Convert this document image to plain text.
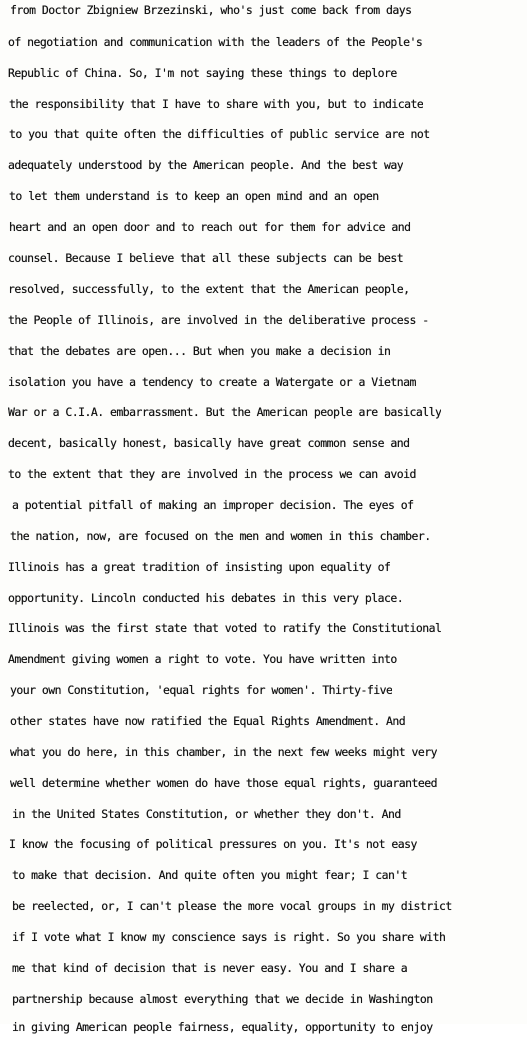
from Doctor Zbigniew Brzezinski, who's just come back from days
of negotiation and communication with the leaders of the People's
Republic of China. So, I'm not saying these things to deplore
the responsibility that I have to share with you, but to indicate
to you that quite often the difficulties of public service are not
adequately understood by the American people. And the best way
to let them understand is to keep an open mind and an open
heart and an open door and to reach out for them for advice and
counsel. Because I believe that all these subjects can be best
resolved, successfully, to the extent that the American people,
the People of Illinois, are involved in the deliberative process -
that the debates are open... But when you make a decision in
isolation you have a tendency to create a Watergate or a Vietnam
War or a C.I.A. embarrassment. But the American people are basically
decent, basically honest, basically have great common sense and
to the extent that they are involved in the process we can avoid
a potential pitfall of making an improper decision. The eyes of
the nation, now, are focused on the men and women in this chamber.
Illinois has a great tradition of insisting upon equality of
opportunity. Lincoln conducted his debates in this very place.
Illinois was the first state that voted to ratify the Constitutional
Amendment giving women a right to vote. You have written into
your own Constitution, 'equal rights for women'. Thirty-five
other states have now ratified the Equal Rights Amendment. And
what you do here, in this chamber, in the next few weeks might very
well determine whether women do have those equal rights, guaranteed
in the United States Constitution, or whether they don't. And
I know the focusing of political pressures on you. It's not easy
to make that decision. And quite often you might fear; I can't
be reelected, or, I can't please the more vocal groups in my district
if I vote what I know my conscience says is right. So you share with
me that kind of decision that is never easy. You and I share a
partnership because almost everything that we decide in Washington
in giving American people fairness, equality, opportunity to enjoy
